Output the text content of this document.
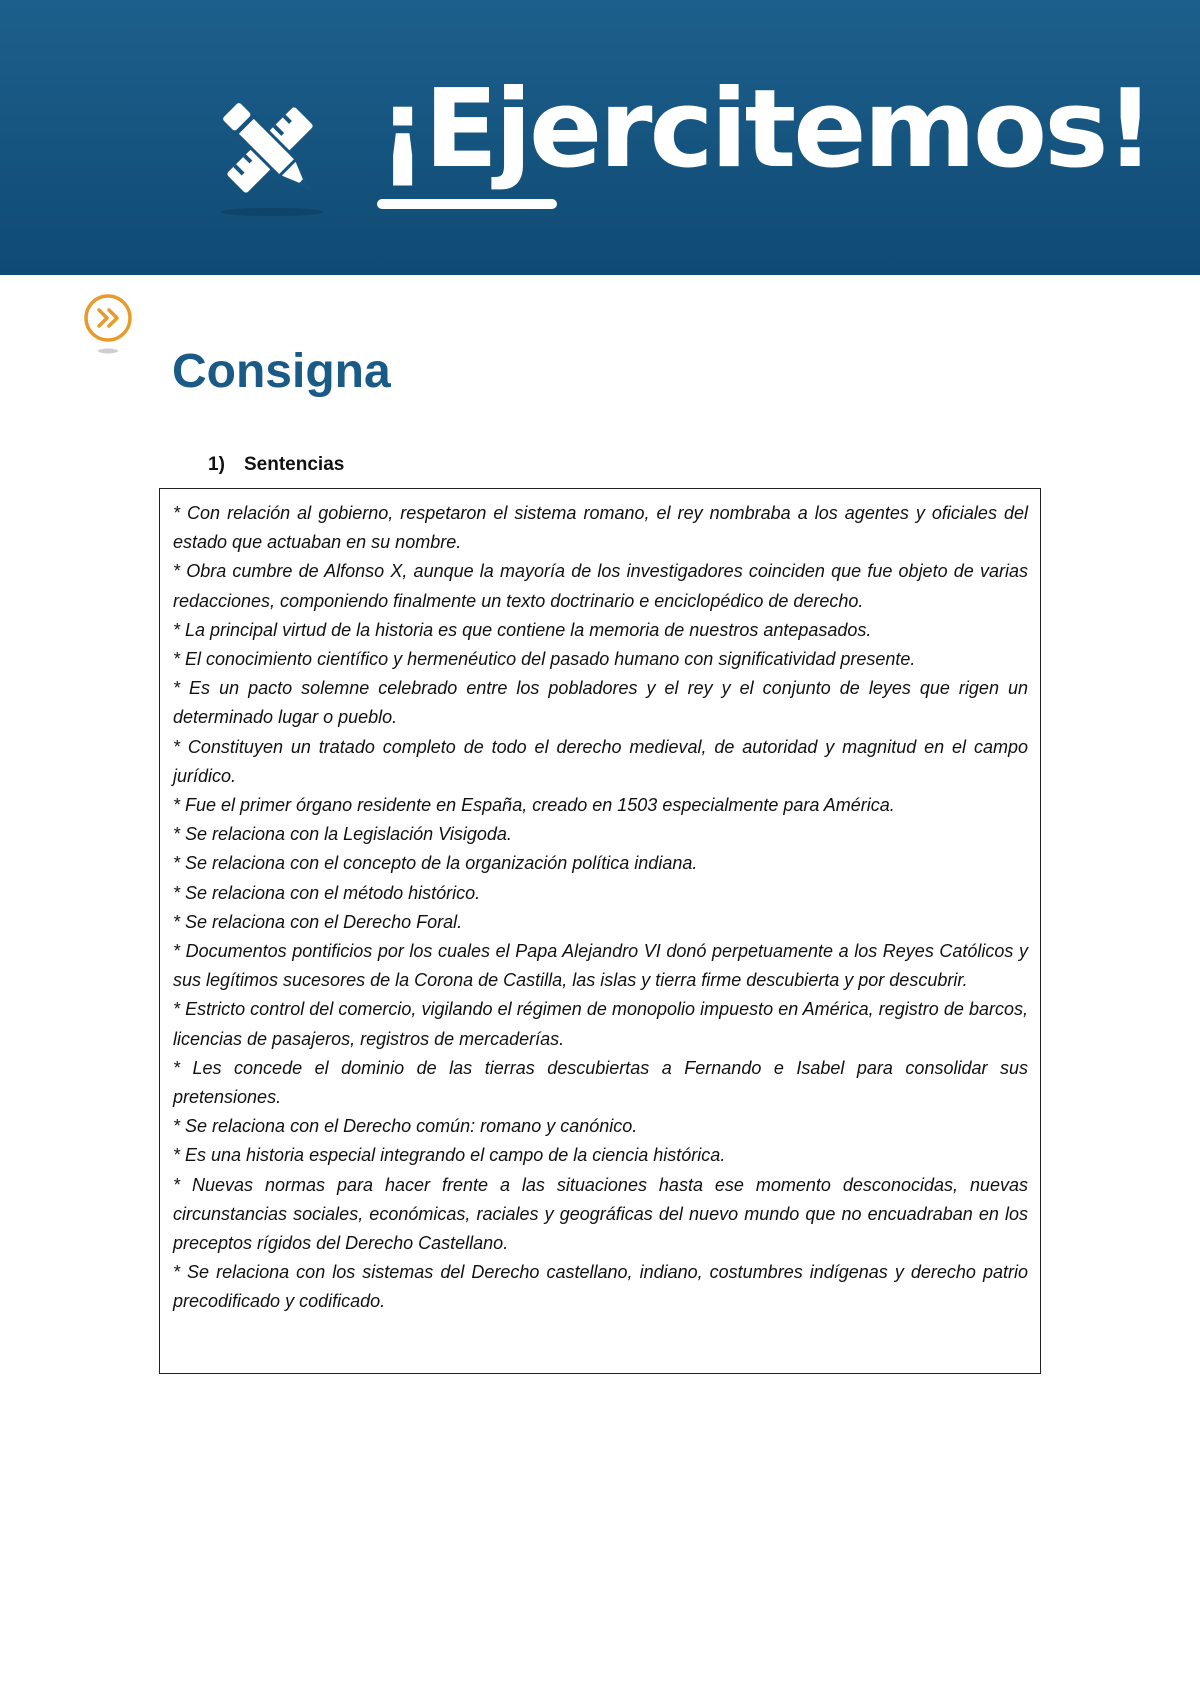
¡Ejercitemos!
Consigna
1) Sentencias

* Con relación al gobierno, respetaron el sistema romano, el rey nombraba a los agentes y oficiales del estado que actuaban en su nombre.

* Obra cumbre de Alfonso X, aunque la mayoría de los investigadores coinciden que fue objeto de varias redacciones, componiendo finalmente un texto doctrinario e enciclopédico de derecho.

* La principal virtud de la historia es que contiene la memoria de nuestros antepasados.

* El conocimiento científico y hermenéutico del pasado humano con significatividad presente.

* Es un pacto solemne celebrado entre los pobladores y el rey y el conjunto de leyes que rigen un determinado lugar o pueblo.

* Constituyen un tratado completo de todo el derecho medieval, de autoridad y magnitud en el campo jurídico.

* Fue el primer órgano residente en España, creado en 1503 especialmente para América.

* Se relaciona con la Legislación Visigoda.

* Se relaciona con el concepto de la organización política indiana.

* Se relaciona con el método histórico.

* Se relaciona con el Derecho Foral.

* Documentos pontificios por los cuales el Papa Alejandro VI donó perpetuamente a los Reyes Católicos y sus legítimos sucesores de la Corona de Castilla, las islas y tierra firme descubierta y por descubrir.

* Estricto control del comercio, vigilando el régimen de monopolio impuesto en América, registro de barcos, licencias de pasajeros, registros de mercaderías.

* Les concede el dominio de las tierras descubiertas a Fernando e Isabel para consolidar sus pretensiones.

* Se relaciona con el Derecho común: romano y canónico.

* Es una historia especial integrando el campo de la ciencia histórica.

* Nuevas normas para hacer frente a las situaciones hasta ese momento desconocidas, nuevas circunstancias sociales, económicas, raciales y geográficas del nuevo mundo que no encuadraban en los preceptos rígidos del Derecho Castellano.

* Se relaciona con los sistemas del Derecho castellano, indiano, costumbres indígenas y derecho patrio precodificado y codificado.
